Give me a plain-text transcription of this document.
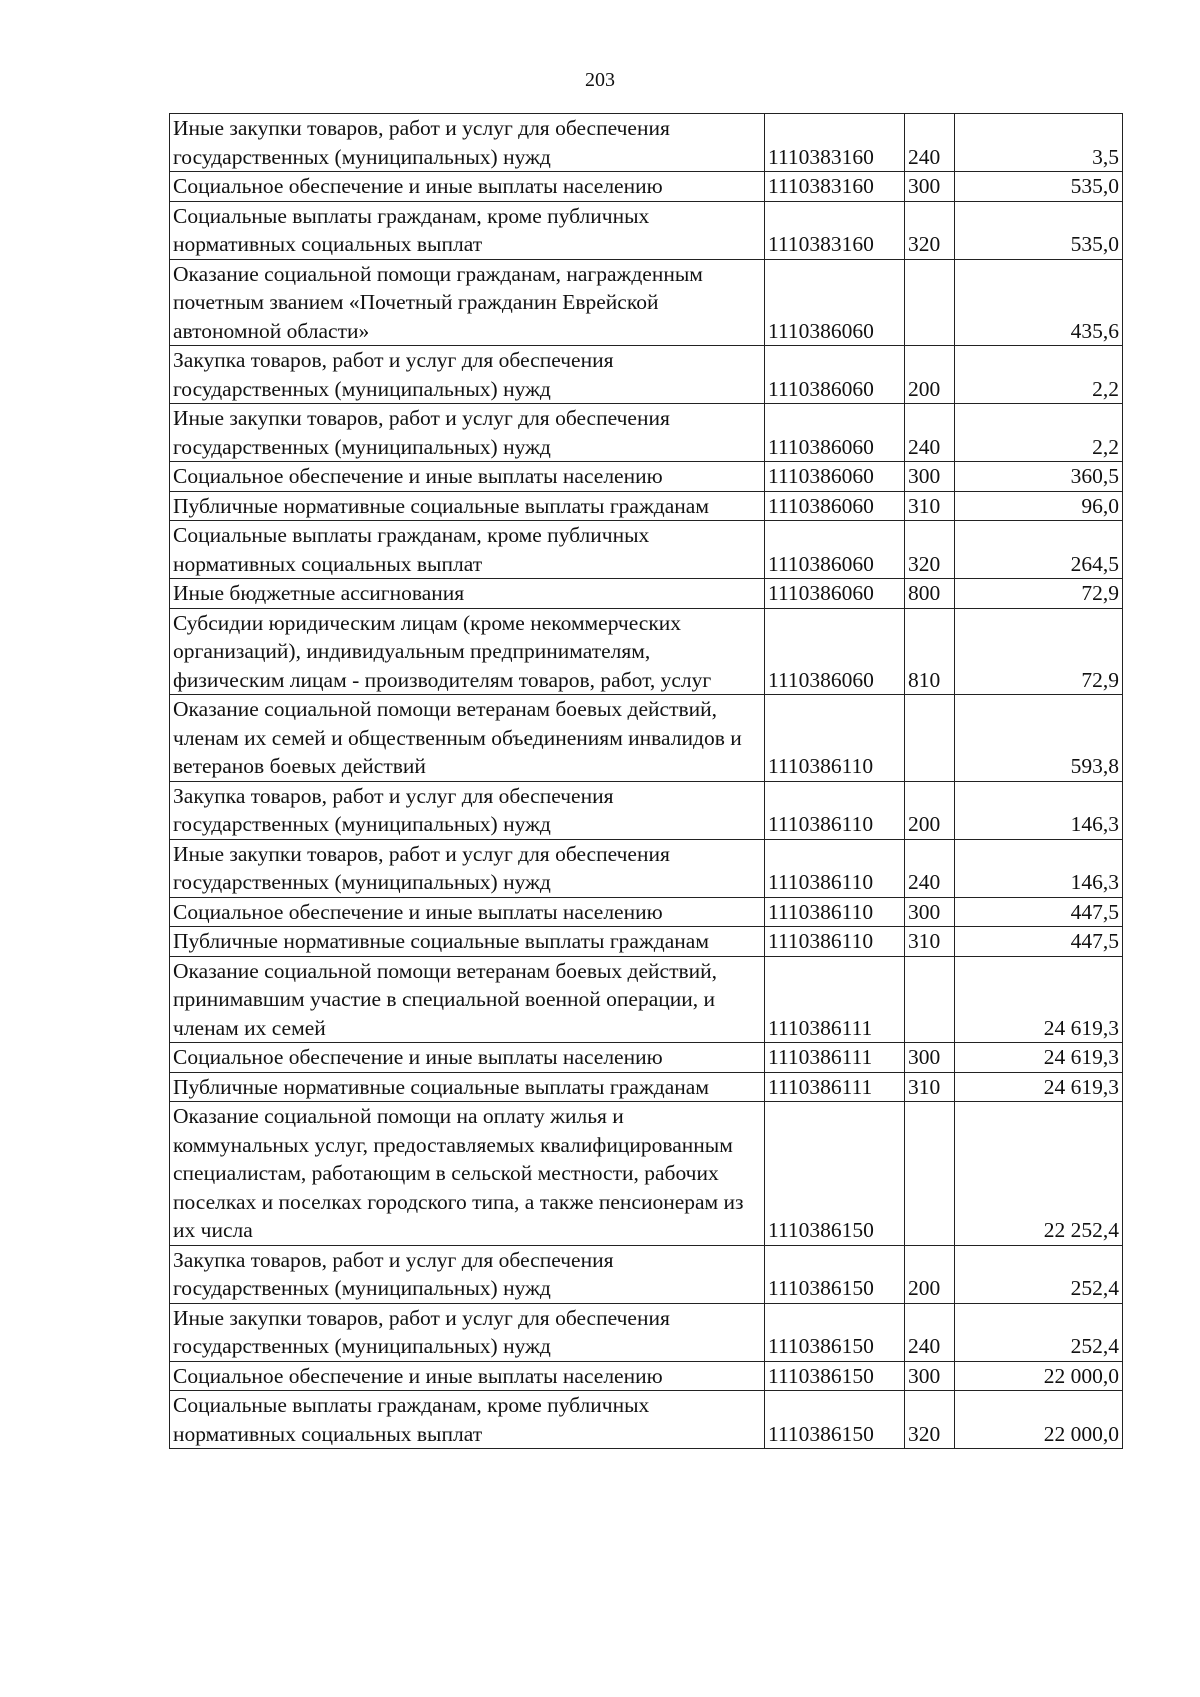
203
Иные закупки товаров, работ и услуг для обеспечения государственных (муниципальных) нужд	1110383160	240	3,5
Социальное обеспечение и иные выплаты населению	1110383160	300	535,0
Социальные выплаты гражданам, кроме публичных нормативных социальных выплат	1110383160	320	535,0
Оказание социальной помощи гражданам, награжденным почетным званием «Почетный гражданин Еврейской автономной области»	1110386060		435,6
Закупка товаров, работ и услуг для обеспечения государственных (муниципальных) нужд	1110386060	200	2,2
Иные закупки товаров, работ и услуг для обеспечения государственных (муниципальных) нужд	1110386060	240	2,2
Социальное обеспечение и иные выплаты населению	1110386060	300	360,5
Публичные нормативные социальные выплаты гражданам	1110386060	310	96,0
Социальные выплаты гражданам, кроме публичных нормативных социальных выплат	1110386060	320	264,5
Иные бюджетные ассигнования	1110386060	800	72,9
Субсидии юридическим лицам (кроме некоммерческих организаций), индивидуальным предпринимателям, физическим лицам - производителям товаров, работ, услуг	1110386060	810	72,9
Оказание социальной помощи ветеранам боевых действий, членам их семей и общественным объединениям инвалидов и ветеранов боевых действий	1110386110		593,8
Закупка товаров, работ и услуг для обеспечения государственных (муниципальных) нужд	1110386110	200	146,3
Иные закупки товаров, работ и услуг для обеспечения государственных (муниципальных) нужд	1110386110	240	146,3
Социальное обеспечение и иные выплаты населению	1110386110	300	447,5
Публичные нормативные социальные выплаты гражданам	1110386110	310	447,5
Оказание социальной помощи ветеранам боевых действий, принимавшим участие в специальной военной операции, и членам их семей	1110386111		24 619,3
Социальное обеспечение и иные выплаты населению	1110386111	300	24 619,3
Публичные нормативные социальные выплаты гражданам	1110386111	310	24 619,3
Оказание социальной помощи на оплату жилья и коммунальных услуг, предоставляемых квалифицированным специалистам, работающим в сельской местности, рабочих поселках и поселках городского типа, а также пенсионерам из их числа	1110386150		22 252,4
Закупка товаров, работ и услуг для обеспечения государственных (муниципальных) нужд	1110386150	200	252,4
Иные закупки товаров, работ и услуг для обеспечения государственных (муниципальных) нужд	1110386150	240	252,4
Социальное обеспечение и иные выплаты населению	1110386150	300	22 000,0
Социальные выплаты гражданам, кроме публичных нормативных социальных выплат	1110386150	320	22 000,0
